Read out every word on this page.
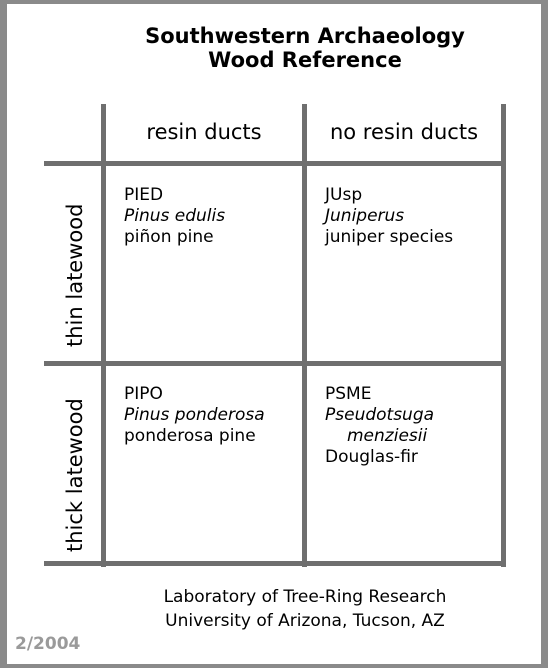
Southwestern Archaeology
Wood Reference
resin ducts	no resin ducts
thin latewood
thick latewood
PIED
Pinus edulis
piñon pine
JUsp
Juniperus
juniper species
PIPO
Pinus ponderosa
ponderosa pine
PSME
Pseudotsuga
menziesii
Douglas-fir
Laboratory of Tree-Ring Research
University of Arizona, Tucson, AZ
2/2004
